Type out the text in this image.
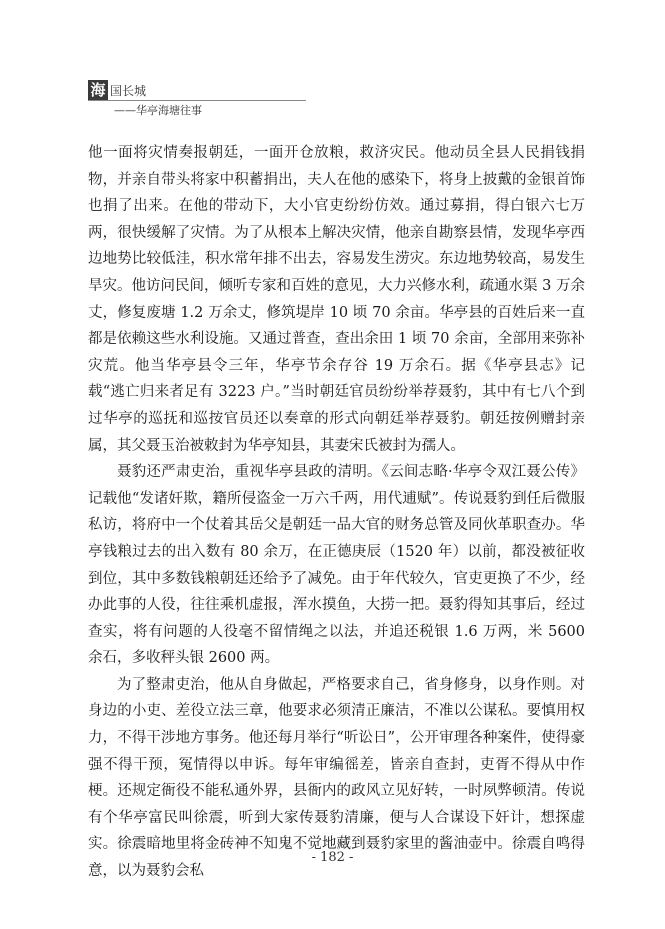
海 国长城
——华亭海塘往事

他一面将灾情奏报朝廷，一面开仓放粮，救济灾民。他动员全县人民捐钱捐物，并亲自带头将家中积蓄捐出，夫人在他的感染下，将身上披戴的金银首饰也捐了出来。在他的带动下，大小官吏纷纷仿效。通过募捐，得白银六七万两，很快缓解了灾情。为了从根本上解决灾情，他亲自勘察县情，发现华亭西边地势比较低洼，积水常年排不出去，容易发生涝灾。东边地势较高，易发生旱灾。他访问民间，倾听专家和百姓的意见，大力兴修水利，疏通水渠 3 万余丈，修复废塘 1.2 万余丈，修筑堤岸 10 顷 70 余亩。华亭县的百姓后来一直都是依赖这些水利设施。又通过普查，查出余田 1 顷 70 余亩，全部用来弥补灾荒。他当华亭县令三年，华亭节余存谷 19 万余石。据《华亭县志》记载“逃亡归来者足有 3223 户。”当时朝廷官员纷纷举荐聂豹，其中有七八个到过华亭的巡抚和巡按官员还以奏章的形式向朝廷举荐聂豹。朝廷按例赠封亲属，其父聂玉治被敕封为华亭知县，其妻宋氏被封为孺人。

聂豹还严肃吏治，重视华亭县政的清明。《云间志略·华亭令双江聂公传》记载他“发诸奸欺，籍所侵盗金一万六千两，用代逋赋”。传说聂豹到任后微服私访，将府中一个仗着其岳父是朝廷一品大官的财务总管及同伙革职查办。华亭钱粮过去的出入数有 80 余万，在正德庚辰（1520 年）以前，都没被征收到位，其中多数钱粮朝廷还给予了减免。由于年代较久，官吏更换了不少，经办此事的人役，往往乘机虚报，浑水摸鱼，大捞一把。聂豹得知其事后，经过查实，将有问题的人役毫不留情绳之以法，并追还税银 1.6 万两，米 5600 余石，多收秤头银 2600 两。

为了整肃吏治，他从自身做起，严格要求自己，省身修身，以身作则。对身边的小吏、差役立法三章，他要求必须清正廉洁，不准以公谋私。要慎用权力，不得干涉地方事务。他还每月举行“听讼日”，公开审理各种案件，使得豪强不得干预，冤情得以申诉。每年审编徭差，皆亲自查封，吏胥不得从中作梗。还规定衙役不能私通外界，县衙内的政风立见好转，一时夙弊顿清。传说有个华亭富民叫徐震，听到大家传聂豹清廉，便与人合谋设下奸计，想探虚实。徐震暗地里将金砖神不知鬼不觉地藏到聂豹家里的酱油壶中。徐震自鸣得意，以为聂豹会私

- 182 -
